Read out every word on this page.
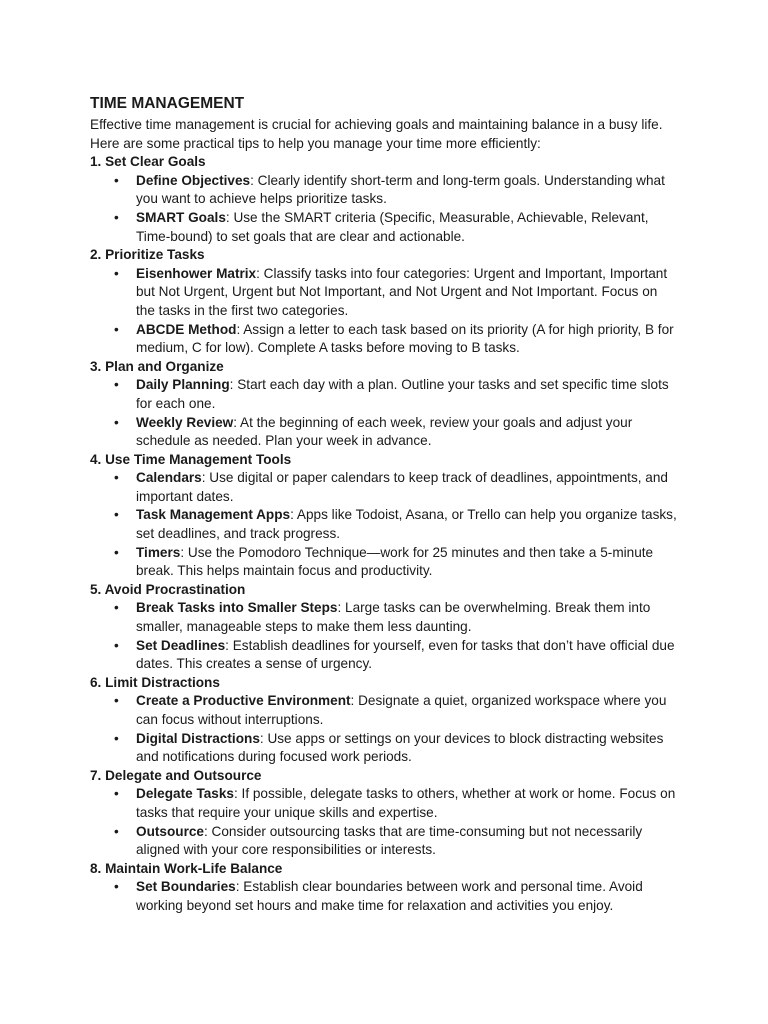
TIME MANAGEMENT

Effective time management is crucial for achieving goals and maintaining balance in a busy life. Here are some practical tips to help you manage your time more efficiently:

1. Set Clear Goals
• Define Objectives: Clearly identify short-term and long-term goals. Understanding what you want to achieve helps prioritize tasks.
• SMART Goals: Use the SMART criteria (Specific, Measurable, Achievable, Relevant, Time-bound) to set goals that are clear and actionable.
2. Prioritize Tasks
• Eisenhower Matrix: Classify tasks into four categories: Urgent and Important, Important but Not Urgent, Urgent but Not Important, and Not Urgent and Not Important. Focus on the tasks in the first two categories.
• ABCDE Method: Assign a letter to each task based on its priority (A for high priority, B for medium, C for low). Complete A tasks before moving to B tasks.
3. Plan and Organize
• Daily Planning: Start each day with a plan. Outline your tasks and set specific time slots for each one.
• Weekly Review: At the beginning of each week, review your goals and adjust your schedule as needed. Plan your week in advance.
4. Use Time Management Tools
• Calendars: Use digital or paper calendars to keep track of deadlines, appointments, and important dates.
• Task Management Apps: Apps like Todoist, Asana, or Trello can help you organize tasks, set deadlines, and track progress.
• Timers: Use the Pomodoro Technique—work for 25 minutes and then take a 5-minute break. This helps maintain focus and productivity.
5. Avoid Procrastination
• Break Tasks into Smaller Steps: Large tasks can be overwhelming. Break them into smaller, manageable steps to make them less daunting.
• Set Deadlines: Establish deadlines for yourself, even for tasks that don’t have official due dates. This creates a sense of urgency.
6. Limit Distractions
• Create a Productive Environment: Designate a quiet, organized workspace where you can focus without interruptions.
• Digital Distractions: Use apps or settings on your devices to block distracting websites and notifications during focused work periods.
7. Delegate and Outsource
• Delegate Tasks: If possible, delegate tasks to others, whether at work or home. Focus on tasks that require your unique skills and expertise.
• Outsource: Consider outsourcing tasks that are time-consuming but not necessarily aligned with your core responsibilities or interests.
8. Maintain Work-Life Balance
• Set Boundaries: Establish clear boundaries between work and personal time. Avoid working beyond set hours and make time for relaxation and activities you enjoy.
